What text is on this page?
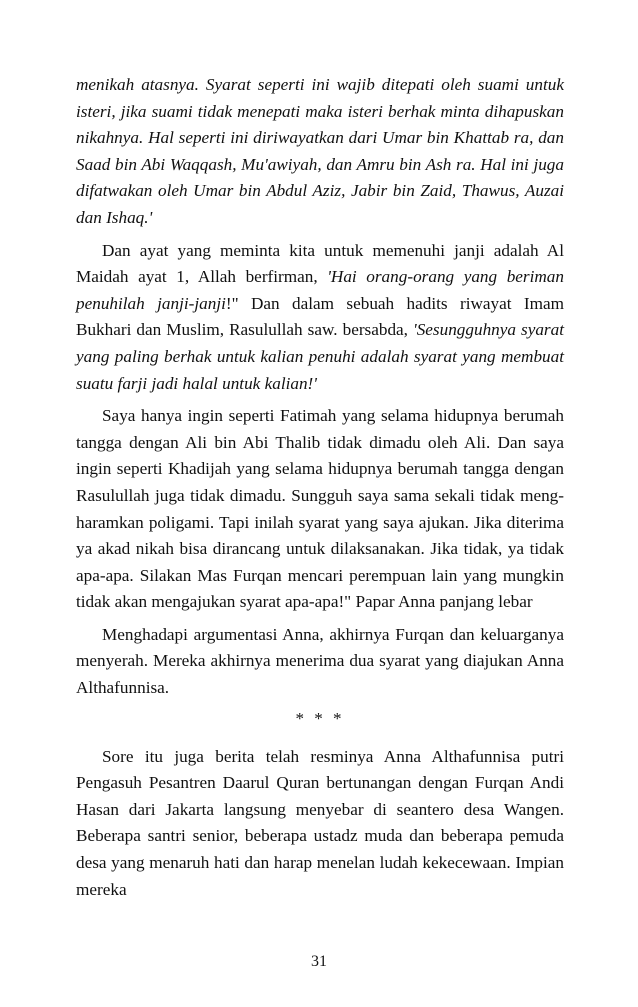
menikah atasnya. Syarat seperti ini wajib ditepati oleh suami untuk isteri, jika suami tidak menepati maka isteri berhak minta dihapuskan nikahnya. Hal seperti ini diriwayatkan dari Umar bin Khattab ra, dan Saad bin Abi Waqqash, Mu'awiyah, dan Amru bin Ash ra. Hal ini juga difatwakan oleh Umar bin Abdul Aziz, Jabir bin Zaid, Thawus, Auzai dan Ishaq.'

Dan ayat yang meminta kita untuk memenuhi janji adalah Al Maidah ayat 1, Allah berfirman, 'Hai orang-orang yang beriman penuhilah janji-janji!" Dan dalam sebuah hadits riwayat Imam Bukhari dan Muslim, Rasulullah saw. bersabda, 'Sesungguhnya syarat yang paling berhak untuk kalian penuhi adalah syarat yang membuat suatu farji jadi halal untuk kalian!'

Saya hanya ingin seperti Fatimah yang selama hidupnya berumah tangga dengan Ali bin Abi Thalib tidak dimadu oleh Ali. Dan saya ingin seperti Khadijah yang selama hidupnya berumah tangga dengan Rasulullah juga tidak dimadu. Sungguh saya sama sekali tidak meng-haramkan poligami. Tapi inilah syarat yang saya ajukan. Jika diterima ya akad nikah bisa dirancang untuk dilaksanakan. Jika tidak, ya tidak apa-apa. Silakan Mas Furqan mencari perempuan lain yang mungkin tidak akan mengajukan syarat apa-apa!" Papar Anna panjang lebar

Menghadapi argumentasi Anna, akhirnya Furqan dan keluarganya menyerah. Mereka akhirnya menerima dua syarat yang diajukan Anna Althafunnisa.

* * *

Sore itu juga berita telah resminya Anna Althafunnisa putri Pengasuh Pesantren Daarul Quran bertunangan dengan Furqan Andi Hasan dari Jakarta langsung menyebar di seantero desa Wangen. Beberapa santri senior, beberapa ustadz muda dan beberapa pemuda desa yang menaruh hati dan harap menelan ludah kekecewaan. Impian mereka

31
